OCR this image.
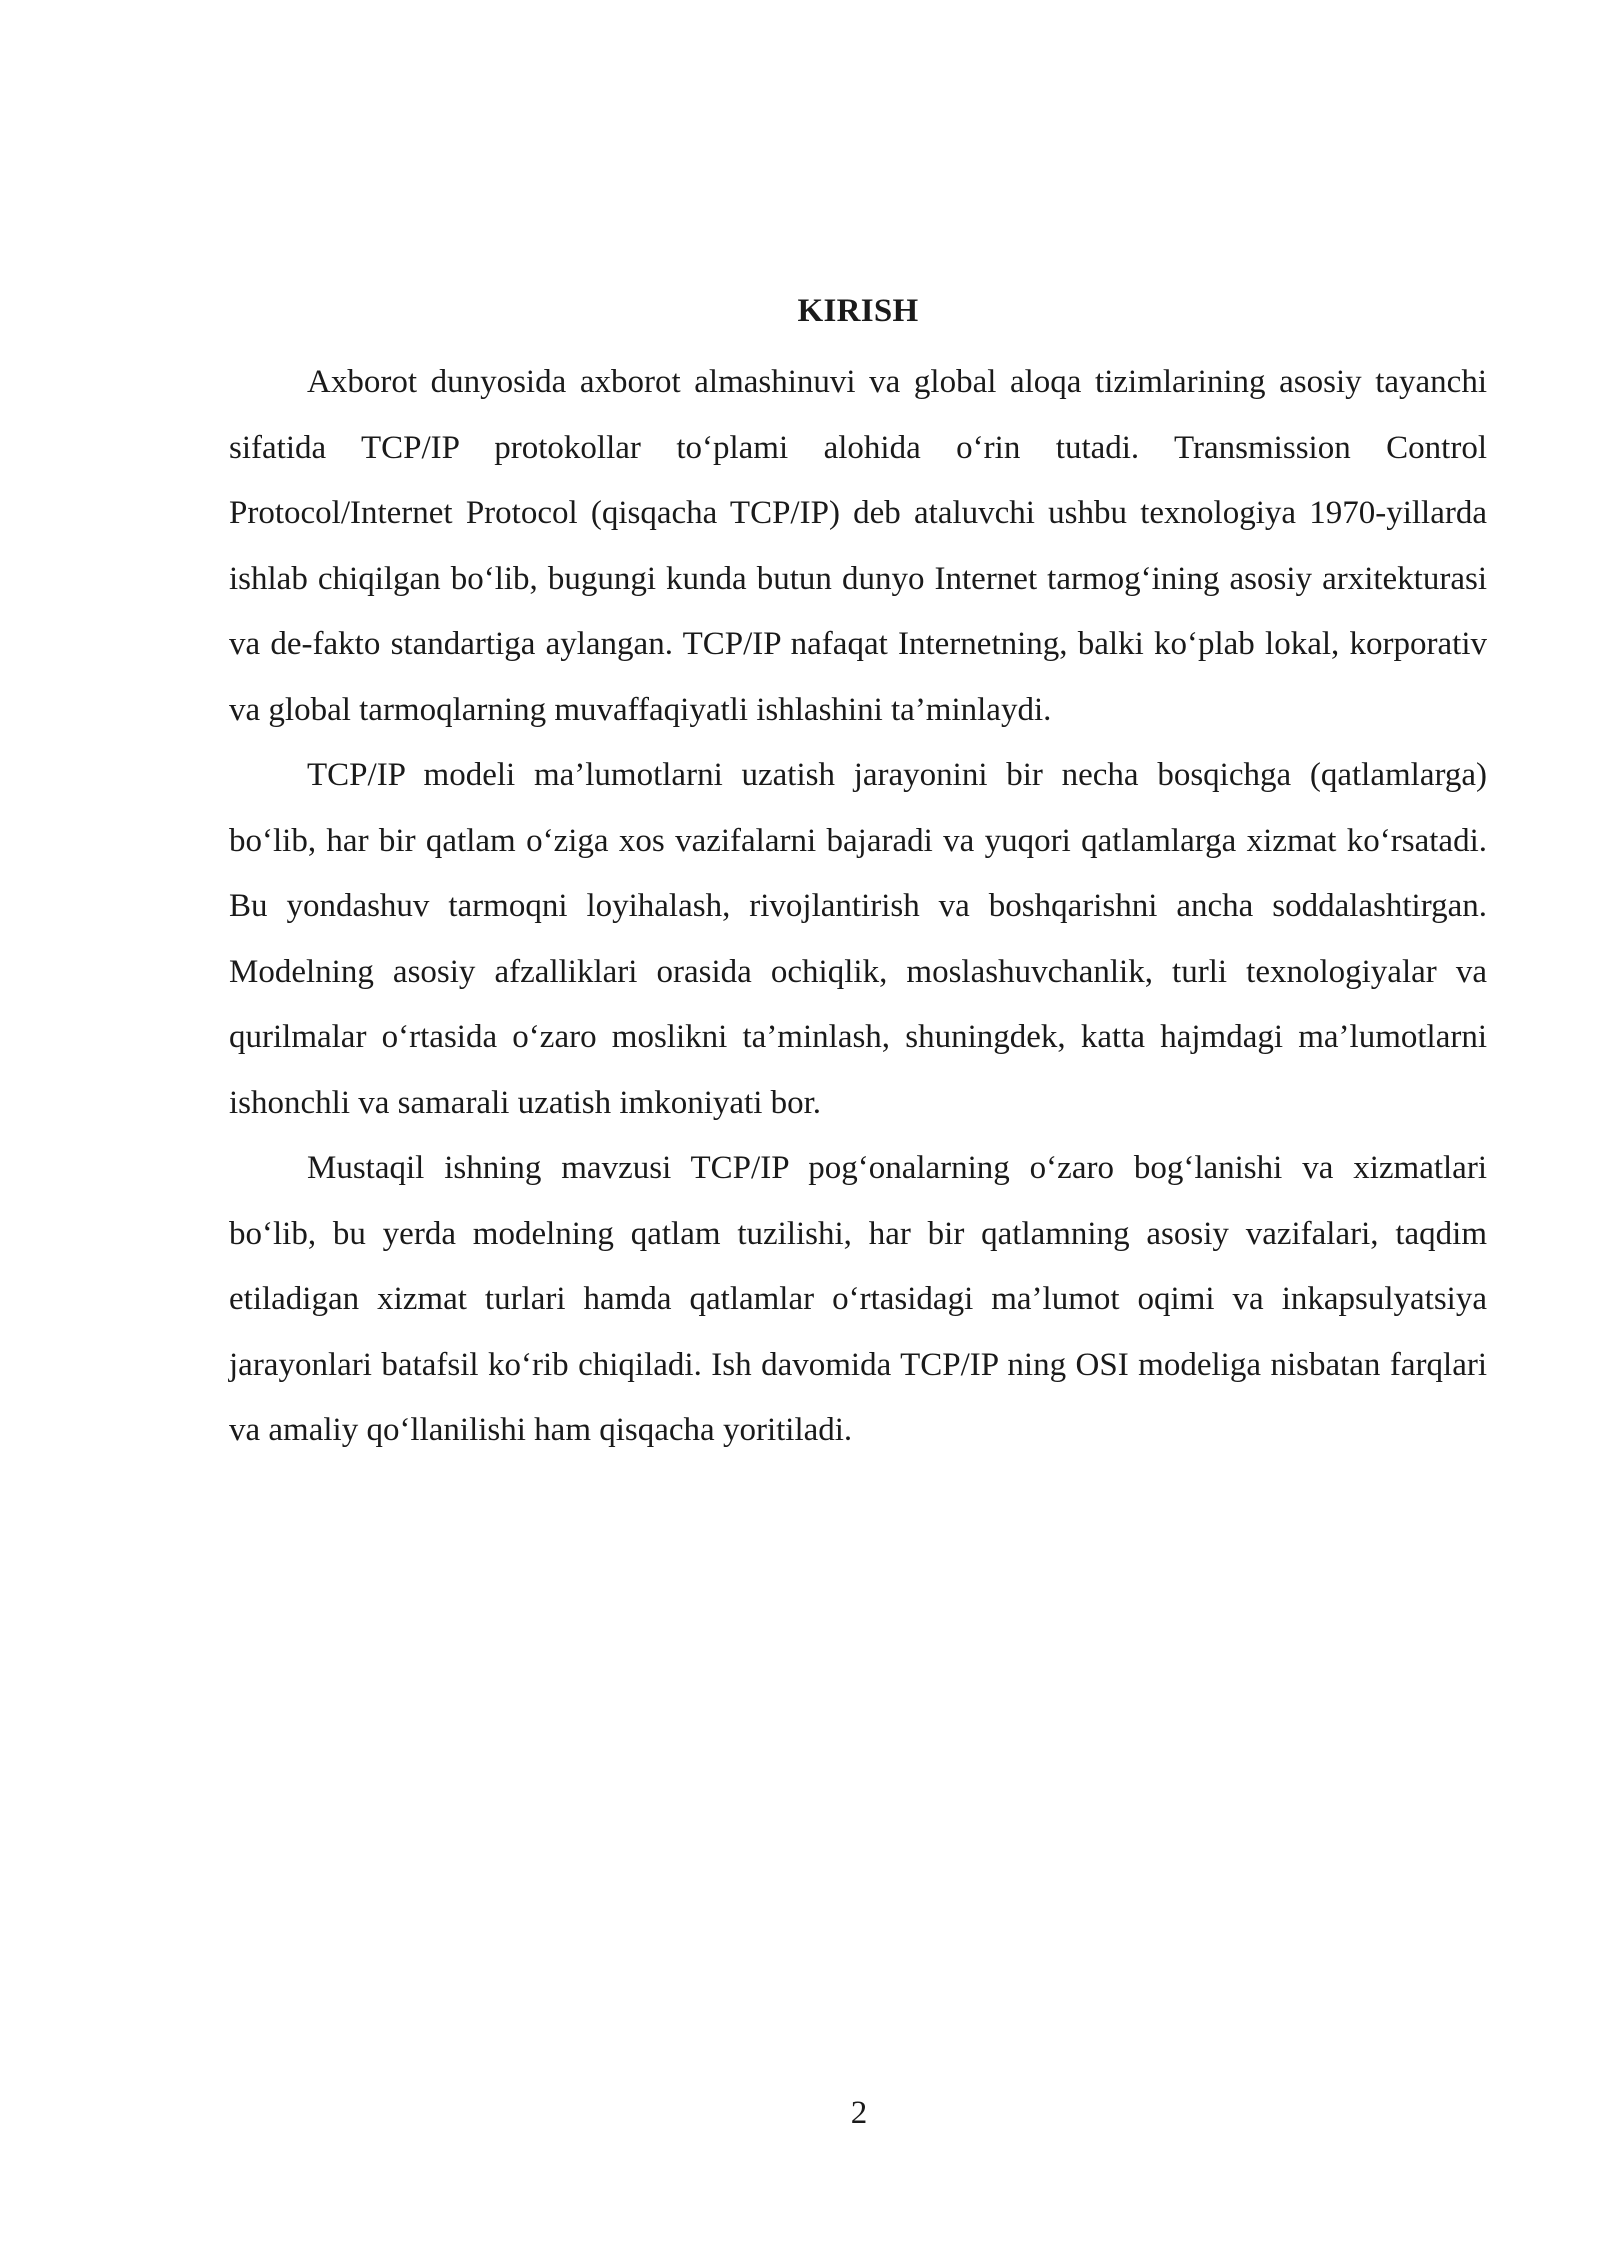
KIRISH

Axborot dunyosida axborot almashinuvi va global aloqa tizimlarining asosiy tayanchi sifatida TCP/IP protokollar to‘plami alohida o‘rin tutadi. Transmission Control Protocol/Internet Protocol (qisqacha TCP/IP) deb ataluvchi ushbu texnologiya 1970-yillarda ishlab chiqilgan bo‘lib, bugungi kunda butun dunyo Internet tarmog‘ining asosiy arxitekturasi va de-fakto standartiga aylangan. TCP/IP nafaqat Internetning, balki ko‘plab lokal, korporativ va global tarmoqlarning muvaffaqiyatli ishlashini ta’minlaydi.

TCP/IP modeli ma’lumotlarni uzatish jarayonini bir necha bosqichga (qatlamlarga) bo‘lib, har bir qatlam o‘ziga xos vazifalarni bajaradi va yuqori qatlamlarga xizmat ko‘rsatadi. Bu yondashuv tarmoqni loyihalash, rivojlantirish va boshqarishni ancha soddalashtirgan. Modelning asosiy afzalliklari orasida ochiqlik, moslashuvchanlik, turli texnologiyalar va qurilmalar o‘rtasida o‘zaro moslikni ta’minlash, shuningdek, katta hajmdagi ma’lumotlarni ishonchli va samarali uzatish imkoniyati bor.

Mustaqil ishning mavzusi TCP/IP pog‘onalarning o‘zaro bog‘lanishi va xizmatlari bo‘lib, bu yerda modelning qatlam tuzilishi, har bir qatlamning asosiy vazifalari, taqdim etiladigan xizmat turlari hamda qatlamlar o‘rtasidagi ma’lumot oqimi va inkapsulyatsiya jarayonlari batafsil ko‘rib chiqiladi. Ish davomida TCP/IP ning OSI modeliga nisbatan farqlari va amaliy qo‘llanilishi ham qisqacha yoritiladi.

2
